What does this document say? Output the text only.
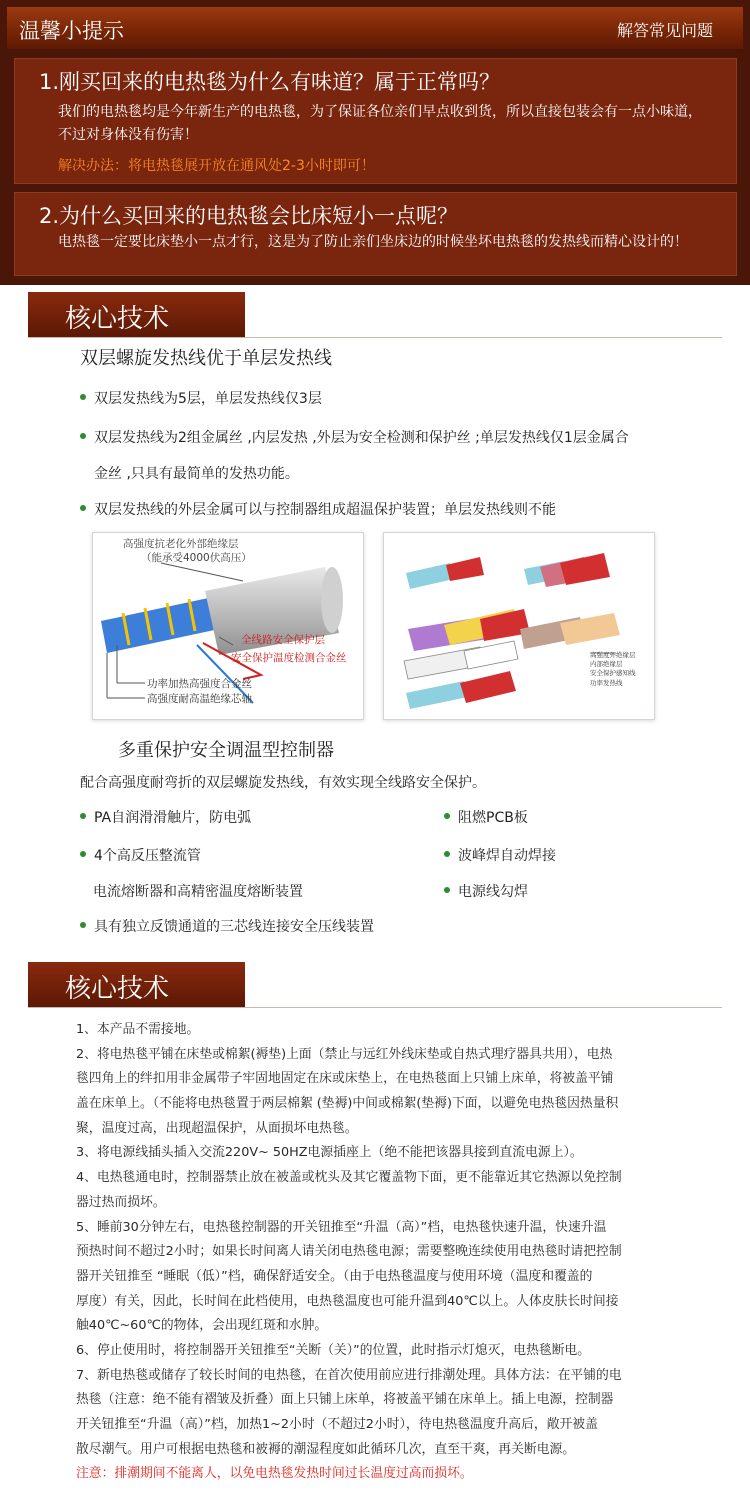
温馨小提示	解答常见问题
1.刚买回来的电热毯为什么有味道？属于正常吗？
我们的电热毯均是今年新生产的电热毯，为了保证各位亲们早点收到货，所以直接包装会有一点小味道，不过对身体没有伤害！
解决办法：将电热毯展开放在通风处2-3小时即可！
2.为什么买回来的电热毯会比床短小一点呢？
电热毯一定要比床垫小一点才行，这是为了防止亲们坐床边的时候坐坏电热毯的发热线而精心设计的！
核心技术
双层螺旋发热线优于单层发热线
双层发热线为5层，单层发热线仅3层
双层发热线为2组金属丝 ,内层发热 ,外层为安全检测和保护丝 ;单层发热线仅1层金属合
金丝 ,只具有最简单的发热功能。
双层发热线的外层金属可以与控制器组成超温保护装置；单层发热线则不能
高强度抗老化外部绝缘层
（能承受4000伏高压）
全线路安全保护层
安全保护温度检测合金丝
功率加热高强度合金丝
高强度耐高温绝缘芯轴
高强度外绝缘层
内部绝缘层
安全保护感知线
功率发热线
多重保护安全调温型控制器
配合高强度耐弯折的双层螺旋发热线，有效实现全线路安全保护。
PA自润滑滑触片，防电弧
4个高反压整流管
电流熔断器和高精密温度熔断装置
具有独立反馈通道的三芯线连接安全压线装置
阻燃PCB板
波峰焊自动焊接
电源线勾焊
核心技术
1、本产品不需接地。
2、将电热毯平铺在床垫或棉絮(褥垫)上面（禁止与远红外线床垫或自热式理疗器具共用），电热
毯四角上的绊扣用非金属带子牢固地固定在床或床垫上，在电热毯面上只铺上床单，将被盖平铺
盖在床单上。（不能将电热毯置于两层棉絮 (垫褥)中间或棉絮(垫褥)下面，以避免电热毯因热量积
聚，温度过高，出现超温保护，从面损坏电热毯。
3、将电源线插头插入交流220V~ 50HZ电源插座上（绝不能把该器具接到直流电源上）。
4、电热毯通电时，控制器禁止放在被盖或枕头及其它覆盖物下面，更不能靠近其它热源以免控制
器过热而损坏。
5、睡前30分钟左右，电热毯控制器的开关钮推至“升温（高）”档，电热毯快速升温，快速升温
预热时间不超过2小时；如果长时间离人请关闭电热毯电源；需要整晚连续使用电热毯时请把控制
器开关钮推至 “睡眠（低）”档，确保舒适安全。（由于电热毯温度与使用环境（温度和覆盖的
厚度）有关，因此，长时间在此档使用，电热毯温度也可能升温到40℃以上。人体皮肤长时间接
触40℃~60℃的物体，会出现红斑和水肿。
6、停止使用时，将控制器开关钮推至“关断（关）”的位置，此时指示灯熄灭，电热毯断电。
7、新电热毯或储存了较长时间的电热毯，在首次使用前应进行排潮处理。具体方法：在平铺的电
热毯（注意：绝不能有褶皱及折叠）面上只铺上床单，将被盖平铺在床单上。插上电源，控制器
开关钮推至“升温（高）”档，加热1~2小时（不超过2小时），待电热毯温度升高后，敞开被盖
散尽潮气。用户可根据电热毯和被褥的潮湿程度如此循环几次，直至干爽，再关断电源。
注意：排潮期间不能离人，以免电热毯发热时间过长温度过高而损坏。
